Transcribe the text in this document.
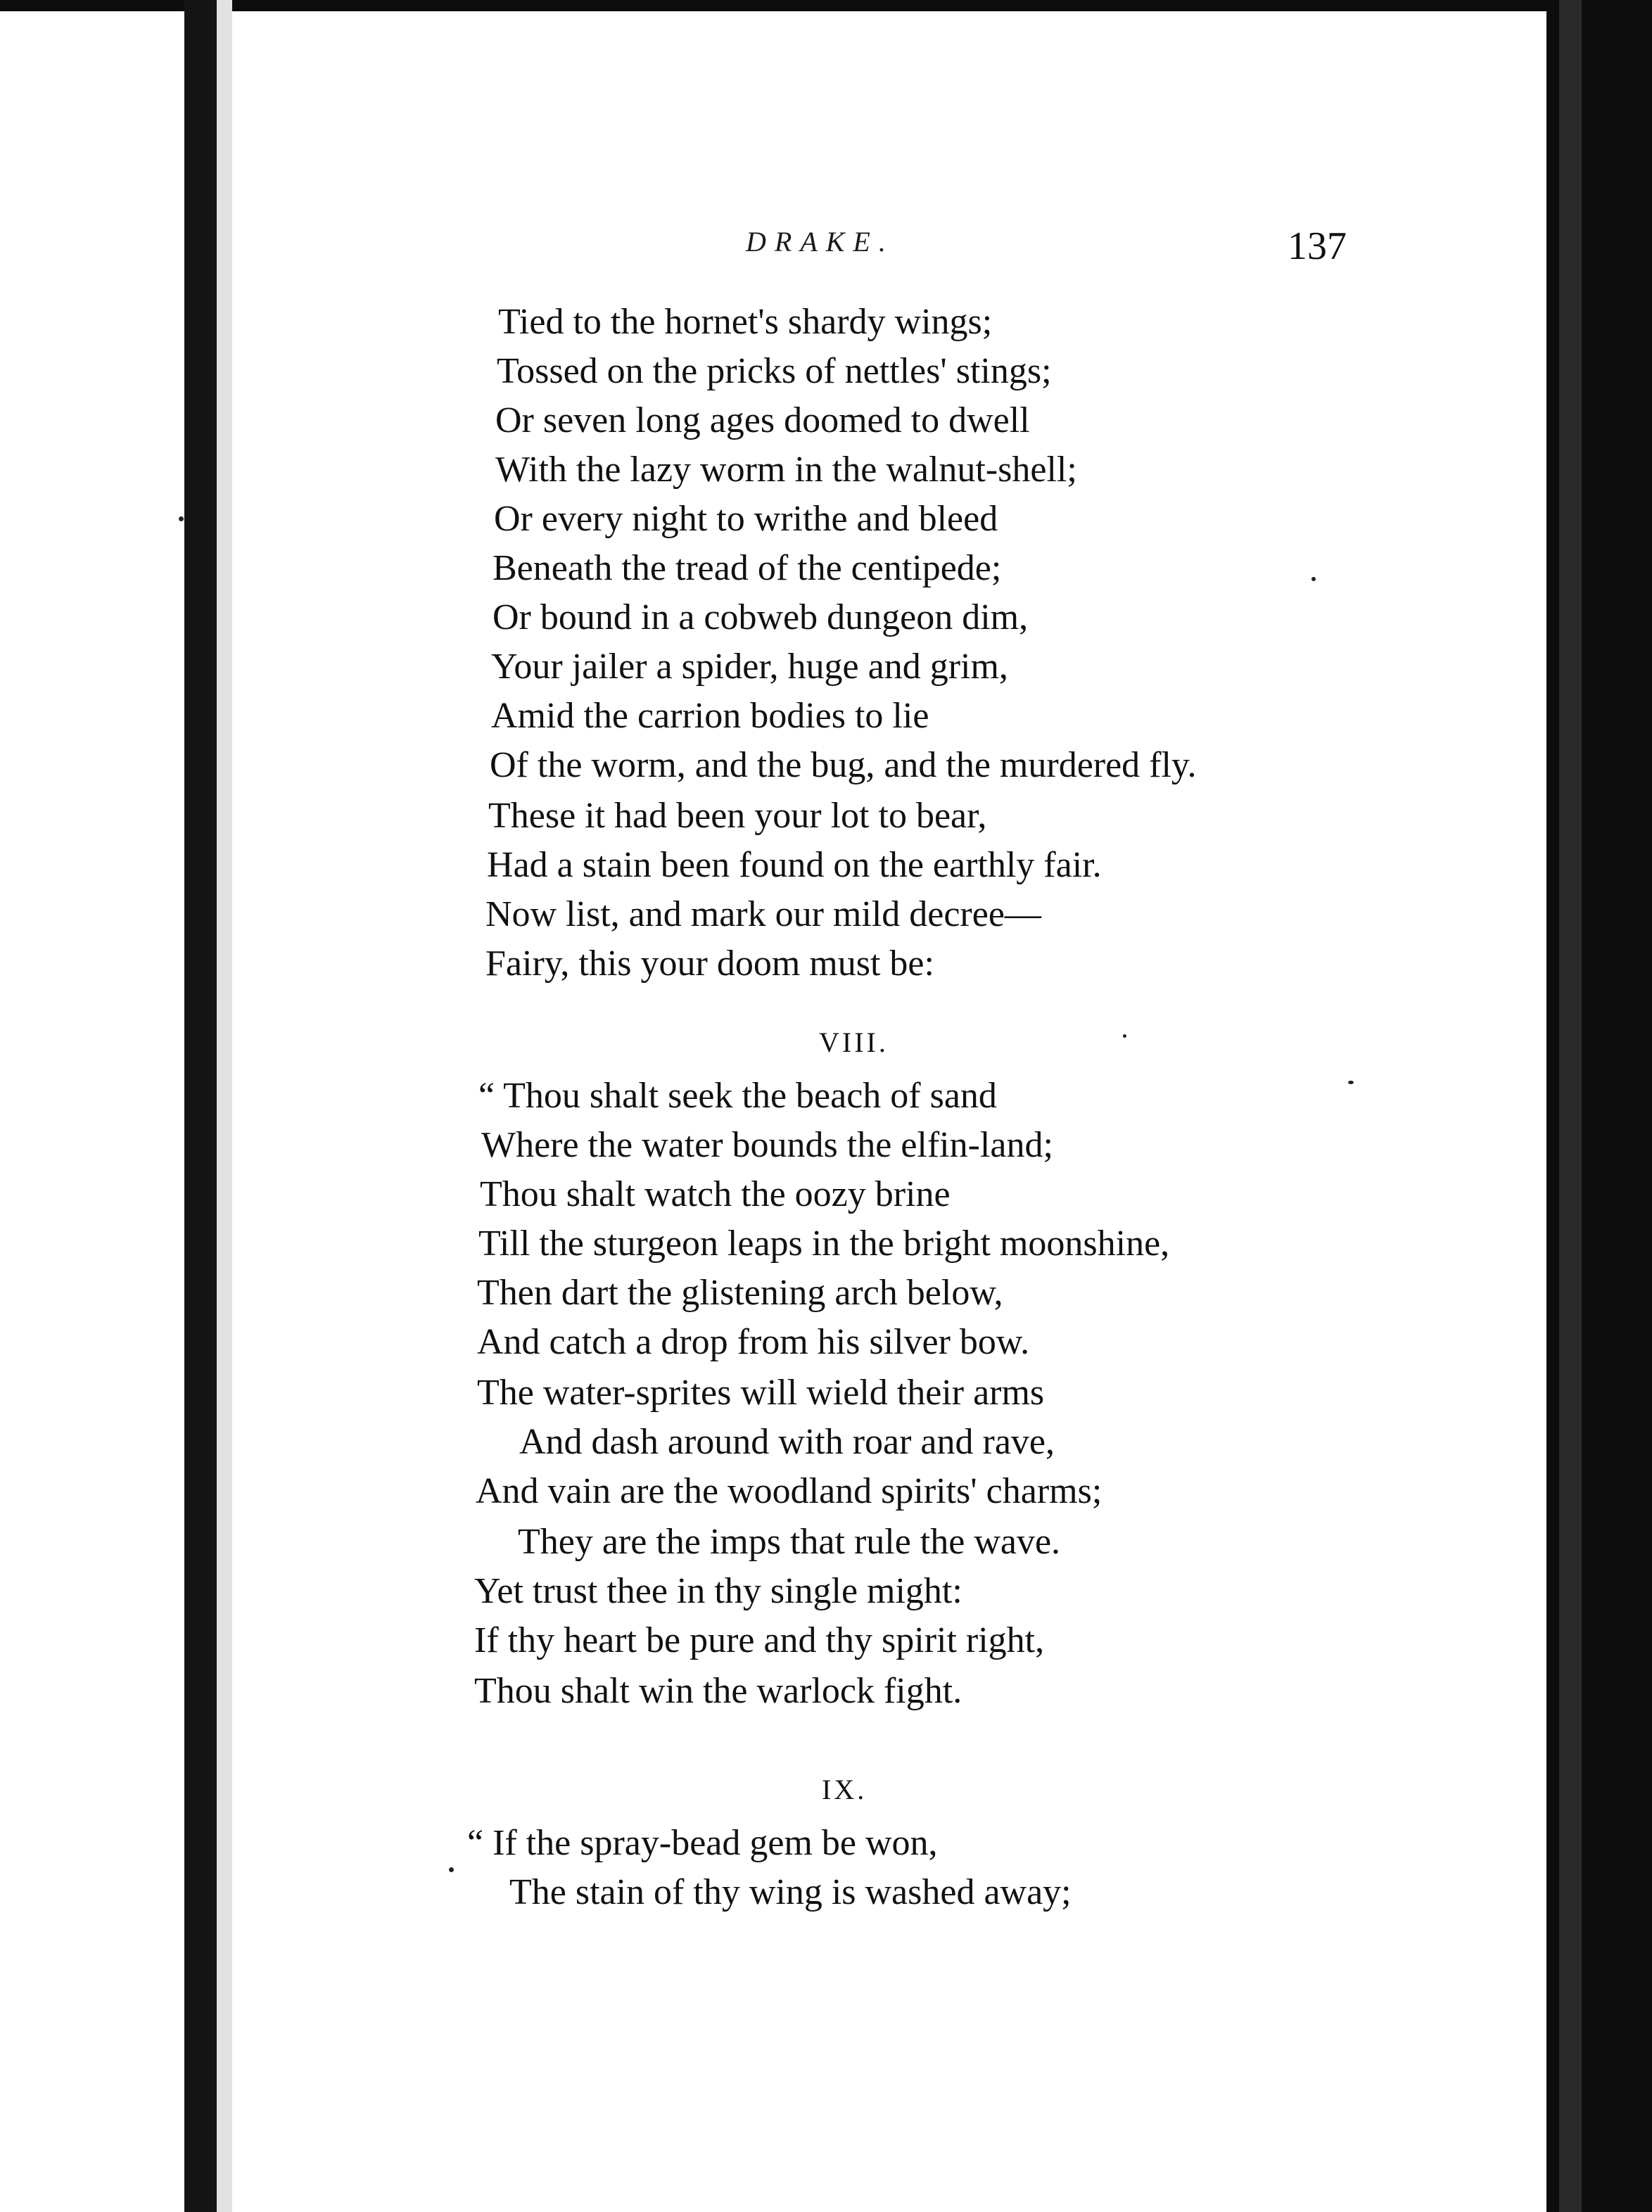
DRAKE.	137
Tied to the hornet's shardy wings;
Tossed on the pricks of nettles' stings;
Or seven long ages doomed to dwell
With the lazy worm in the walnut-shell;
Or every night to writhe and bleed
Beneath the tread of the centipede;
Or bound in a cobweb dungeon dim,
Your jailer a spider, huge and grim,
Amid the carrion bodies to lie
Of the worm, and the bug, and the murdered fly.
These it had been your lot to bear,
Had a stain been found on the earthly fair.
Now list, and mark our mild decree—
Fairy, this your doom must be:
VIII.
“ Thou shalt seek the beach of sand
Where the water bounds the elfin-land;
Thou shalt watch the oozy brine
Till the sturgeon leaps in the bright moonshine,
Then dart the glistening arch below,
And catch a drop from his silver bow.
The water-sprites will wield their arms
And dash around with roar and rave,
And vain are the woodland spirits' charms;
They are the imps that rule the wave.
Yet trust thee in thy single might:
If thy heart be pure and thy spirit right,
Thou shalt win the warlock fight.
IX.
“ If the spray-bead gem be won,
The stain of thy wing is washed away;
